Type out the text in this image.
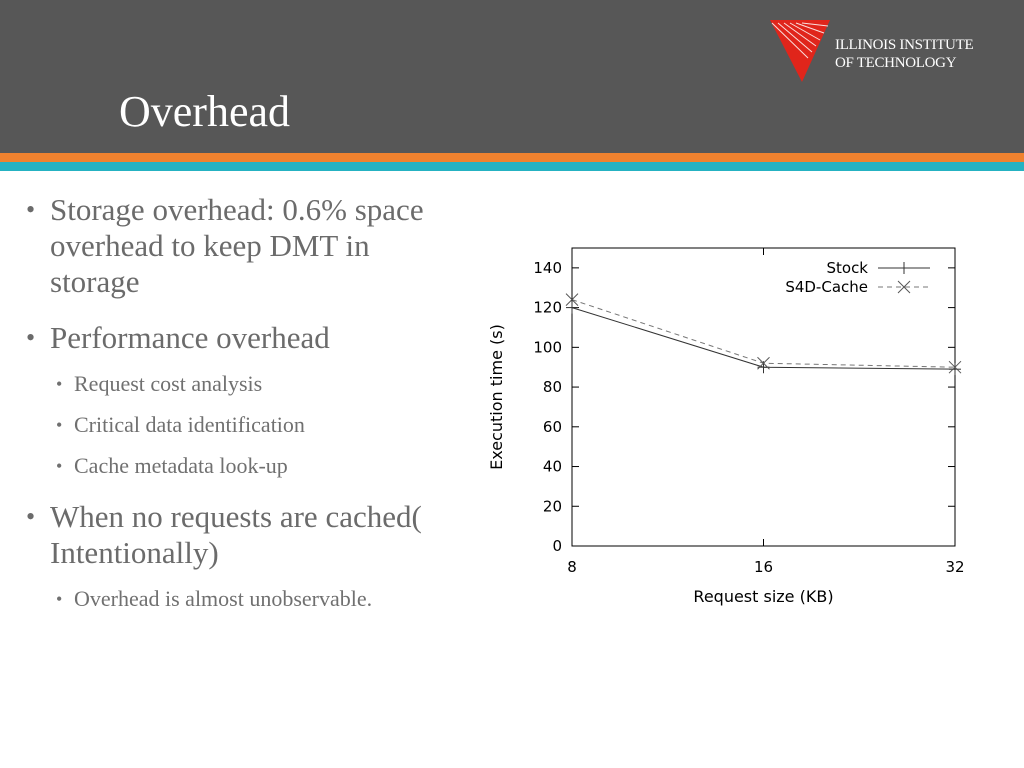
Overhead
ILLINOIS INSTITUTE
OF TECHNOLOGY
• Storage overhead: 0.6% space overhead to keep DMT in storage
• Performance overhead
• Request cost analysis
• Critical data identification
• Cache metadata look-up
• When no requests are cached( Intentionally)
• Overhead is almost unobservable.
0
20
40
60
80
100
120
140
8	16	32
Stock
S4D-Cache
Request size (KB)
Execution time (s)
